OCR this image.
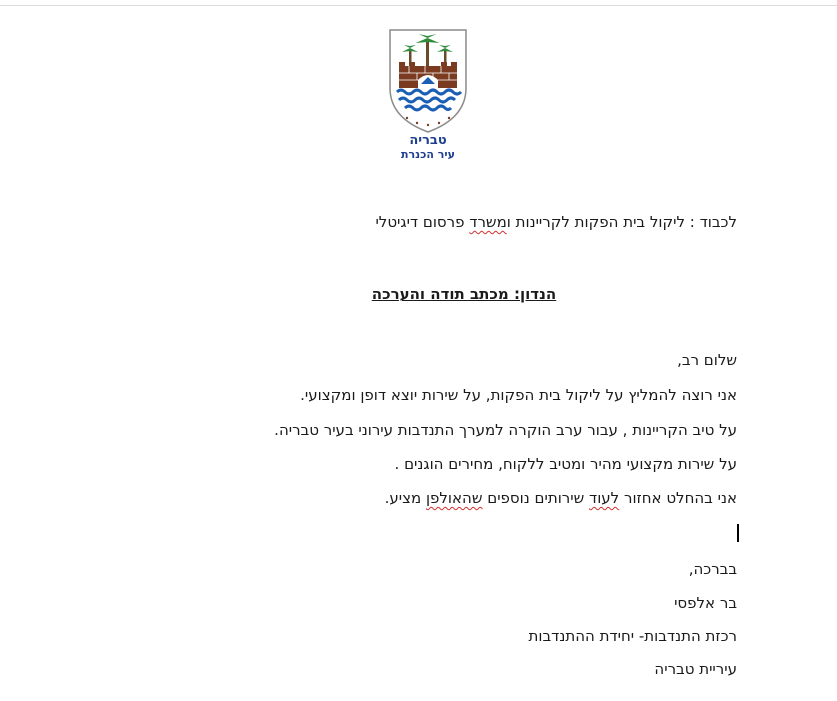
טבריה
עיר הכנרת
לכבוד : ליקול בית הפקות לקריינות ומשרד פרסום דיגיטלי
הנדון: מכתב תודה והערכה
שלום רב,
אני רוצה להמליץ על ליקול בית הפקות, על שירות יוצא דופן ומקצועי.
על טיב הקריינות , עבור ערב הוקרה למערך התנדבות עירוני בעיר טבריה.
על שירות מקצועי מהיר ומטיב ללקוח, מחירים הוגנים .
אני בהחלט אחזור לעוד שירותים נוספים שהאולפן מציע.
בברכה,
בר אלפסי
רכזת התנדבות- יחידת ההתנדבות
עיריית טבריה
